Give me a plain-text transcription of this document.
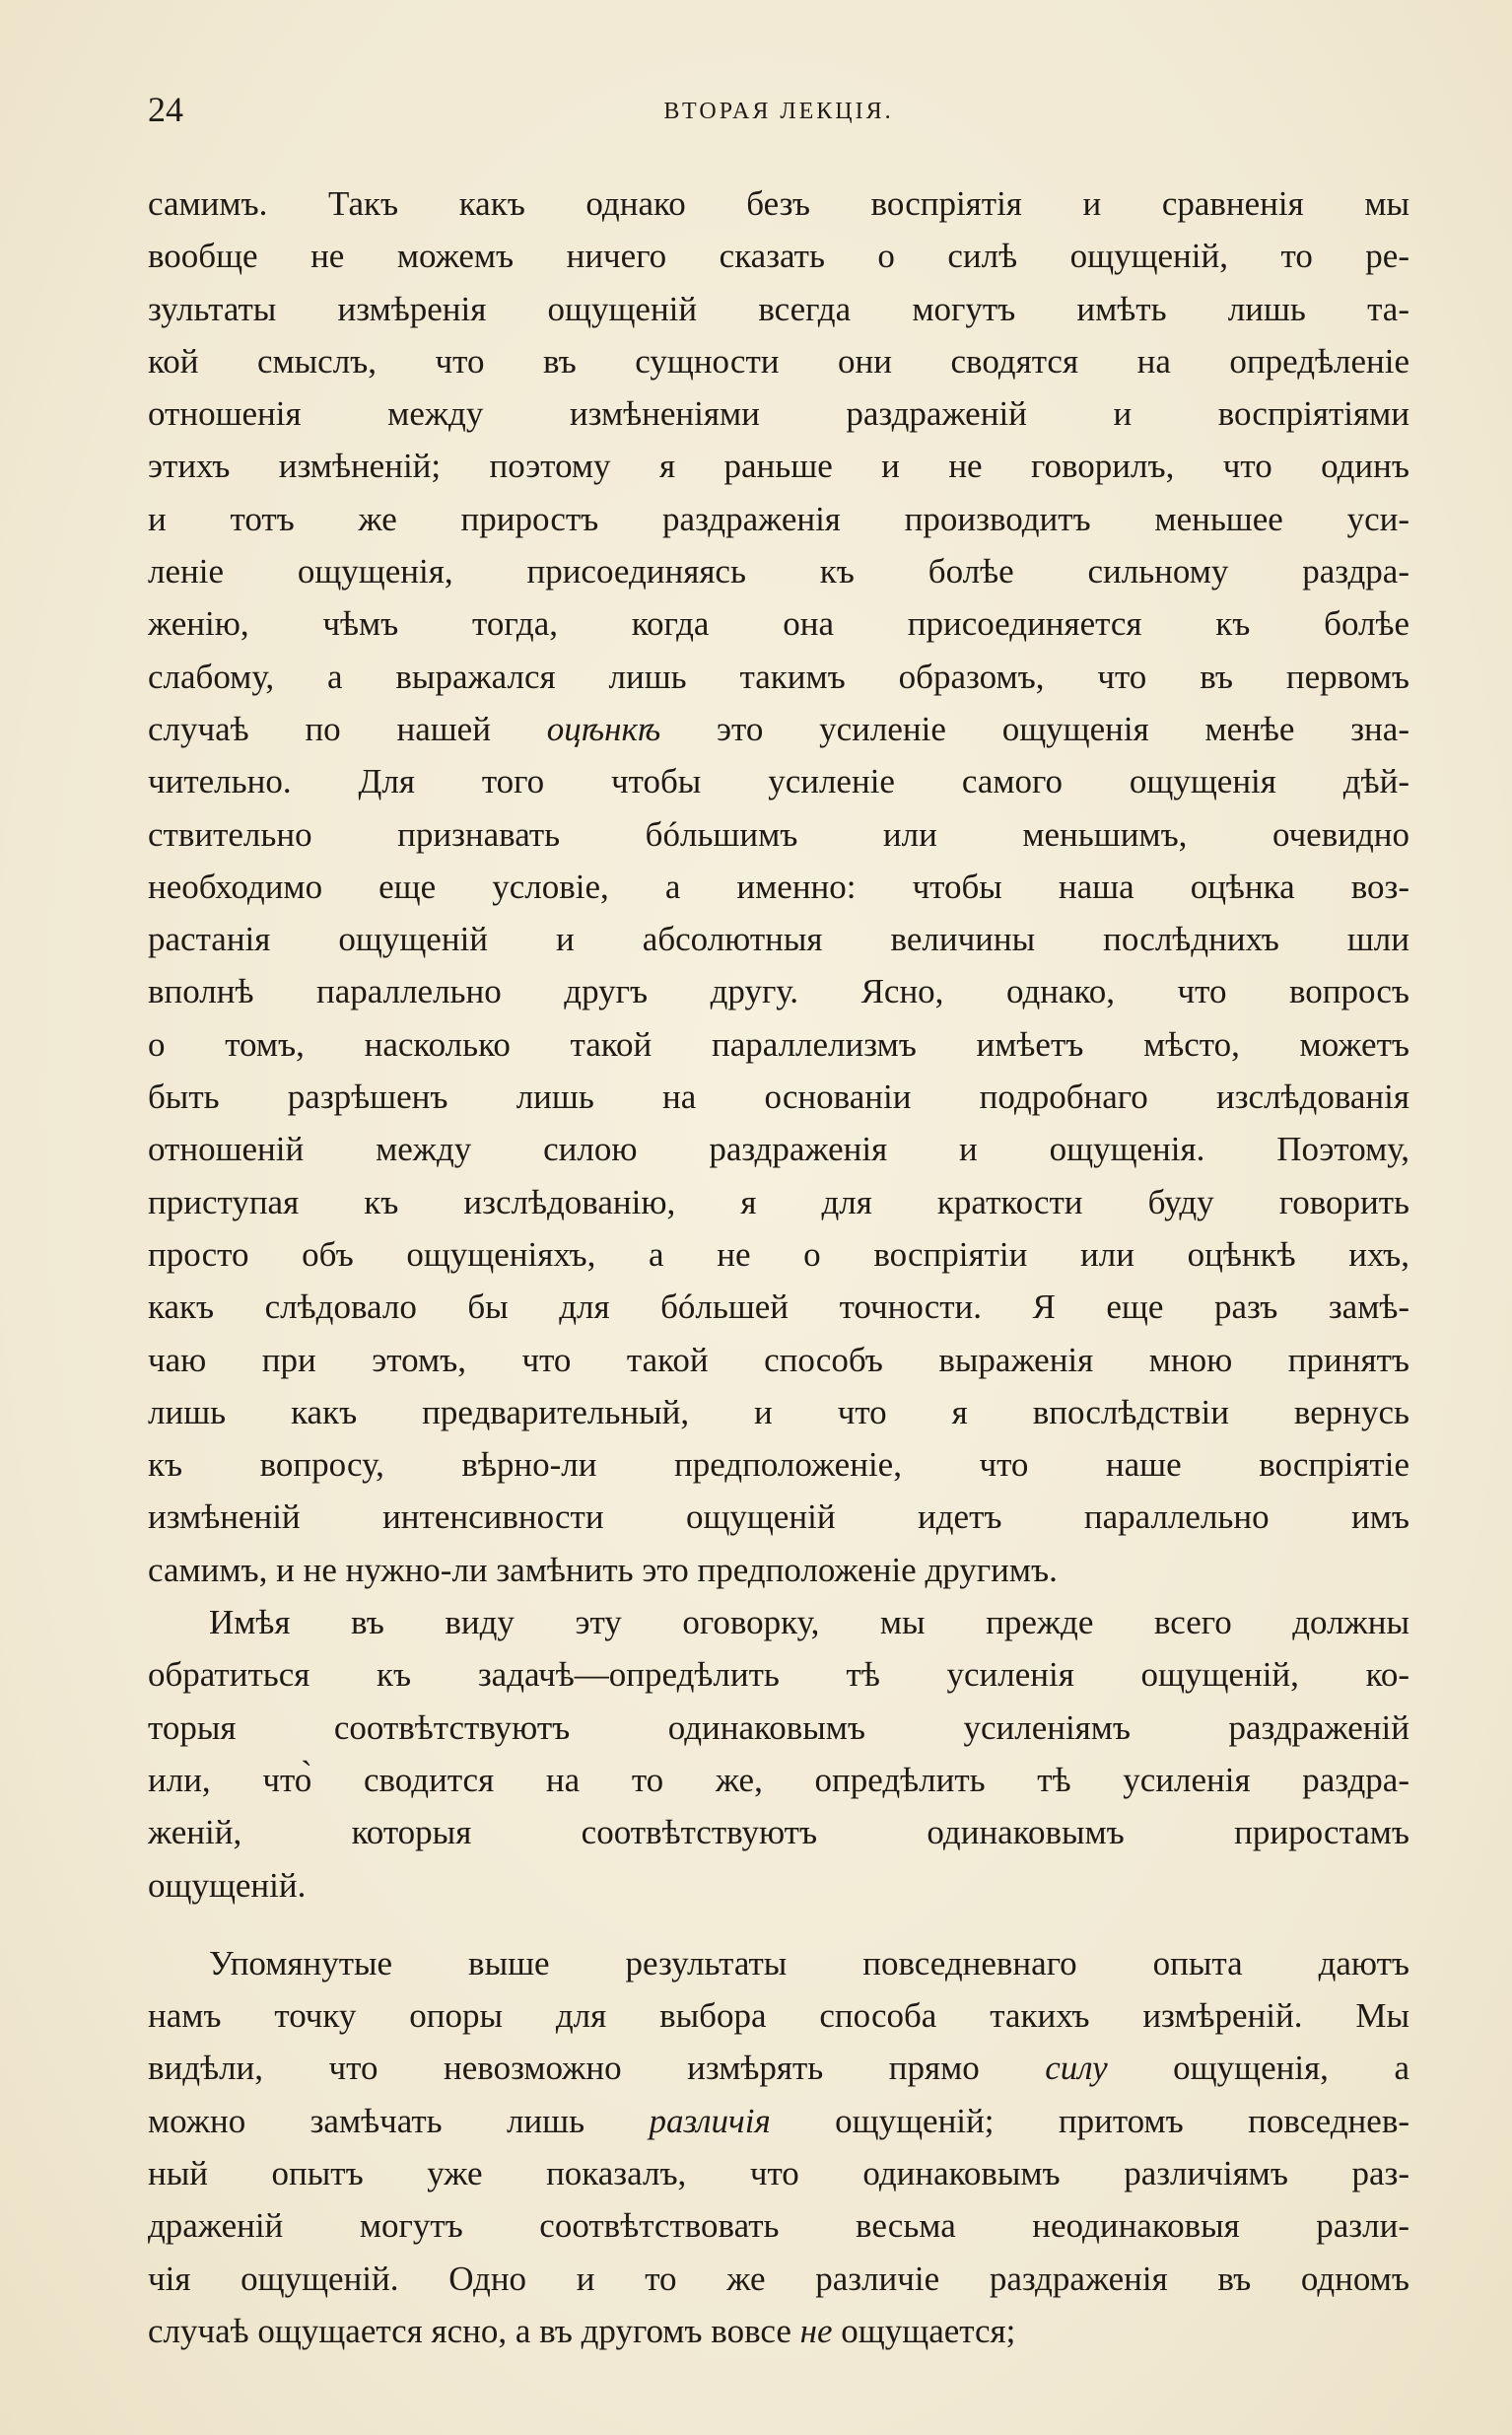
24	ВТОРАЯ ЛЕКЦІЯ.
самимъ. Такъ какъ однако безъ воспріятія и сравненія мы
вообще не можемъ ничего сказать о силѣ ощущеній, то ре-
зультаты измѣренія ощущеній всегда могутъ имѣть лишь та-
кой смыслъ, что въ сущности они сводятся на опредѣленіе
отношенія между измѣненіями раздраженій и воспріятіями
этихъ измѣненій; поэтому я раньше и не говорилъ, что одинъ
и тотъ же приростъ раздраженія производитъ меньшее уси-
леніе ощущенія, присоединяясь къ болѣе сильному раздра-
женію, чѣмъ тогда, когда она присоединяется къ болѣе
слабому, а выражался лишь такимъ образомъ, что въ первомъ
случаѣ по нашей оцѣнкѣ это усиленіе ощущенія менѣе зна-
чительно. Для того чтобы усиленіе самого ощущенія дѣй-
ствительно признавать бóльшимъ или меньшимъ, очевидно
необходимо еще условіе, а именно: чтобы наша оцѣнка воз-
растанія ощущеній и абсолютныя величины послѣднихъ шли
вполнѣ параллельно другъ другу. Ясно, однако, что вопросъ
о томъ, насколько такой параллелизмъ имѣетъ мѣсто, можетъ
быть разрѣшенъ лишь на основаніи подробнаго изслѣдованія
отношеній между силою раздраженія и ощущенія. Поэтому,
приступая къ изслѣдованію, я для краткости буду говорить
просто объ ощущеніяхъ, а не о воспріятіи или оцѣнкѣ ихъ,
какъ слѣдовало бы для бóльшей точности. Я еще разъ замѣ-
чаю при этомъ, что такой способъ выраженія мною принятъ
лишь какъ предварительный, и что я впослѣдствіи вернусь
къ вопросу, вѣрно-ли предположеніе, что наше воспріятіе
измѣненій интенсивности ощущеній идетъ параллельно имъ
самимъ, и не нужно-ли замѣнить это предположеніе другимъ.
Имѣя въ виду эту оговорку, мы прежде всего должны
обратиться къ задачѣ—опредѣлить тѣ усиленія ощущеній, ко-
торыя соотвѣтствуютъ одинаковымъ усиленіямъ раздраженій
или, что̀ сводится на то же, опредѣлить тѣ усиленія раздра-
женій, которыя соотвѣтствуютъ одинаковымъ приростамъ
ощущеній.
Упомянутые выше результаты повседневнаго опыта даютъ
намъ точку опоры для выбора способа такихъ измѣреній. Мы
видѣли, что невозможно измѣрять прямо силу ощущенія, а
можно замѣчать лишь различія ощущеній; притомъ повседнев-
ный опытъ уже показалъ, что одинаковымъ различіямъ раз-
драженій могутъ соотвѣтствовать весьма неодинаковыя разли-
чія ощущеній. Одно и то же различіе раздраженія въ одномъ
случаѣ ощущается ясно, а въ другомъ вовсе не ощущается;
